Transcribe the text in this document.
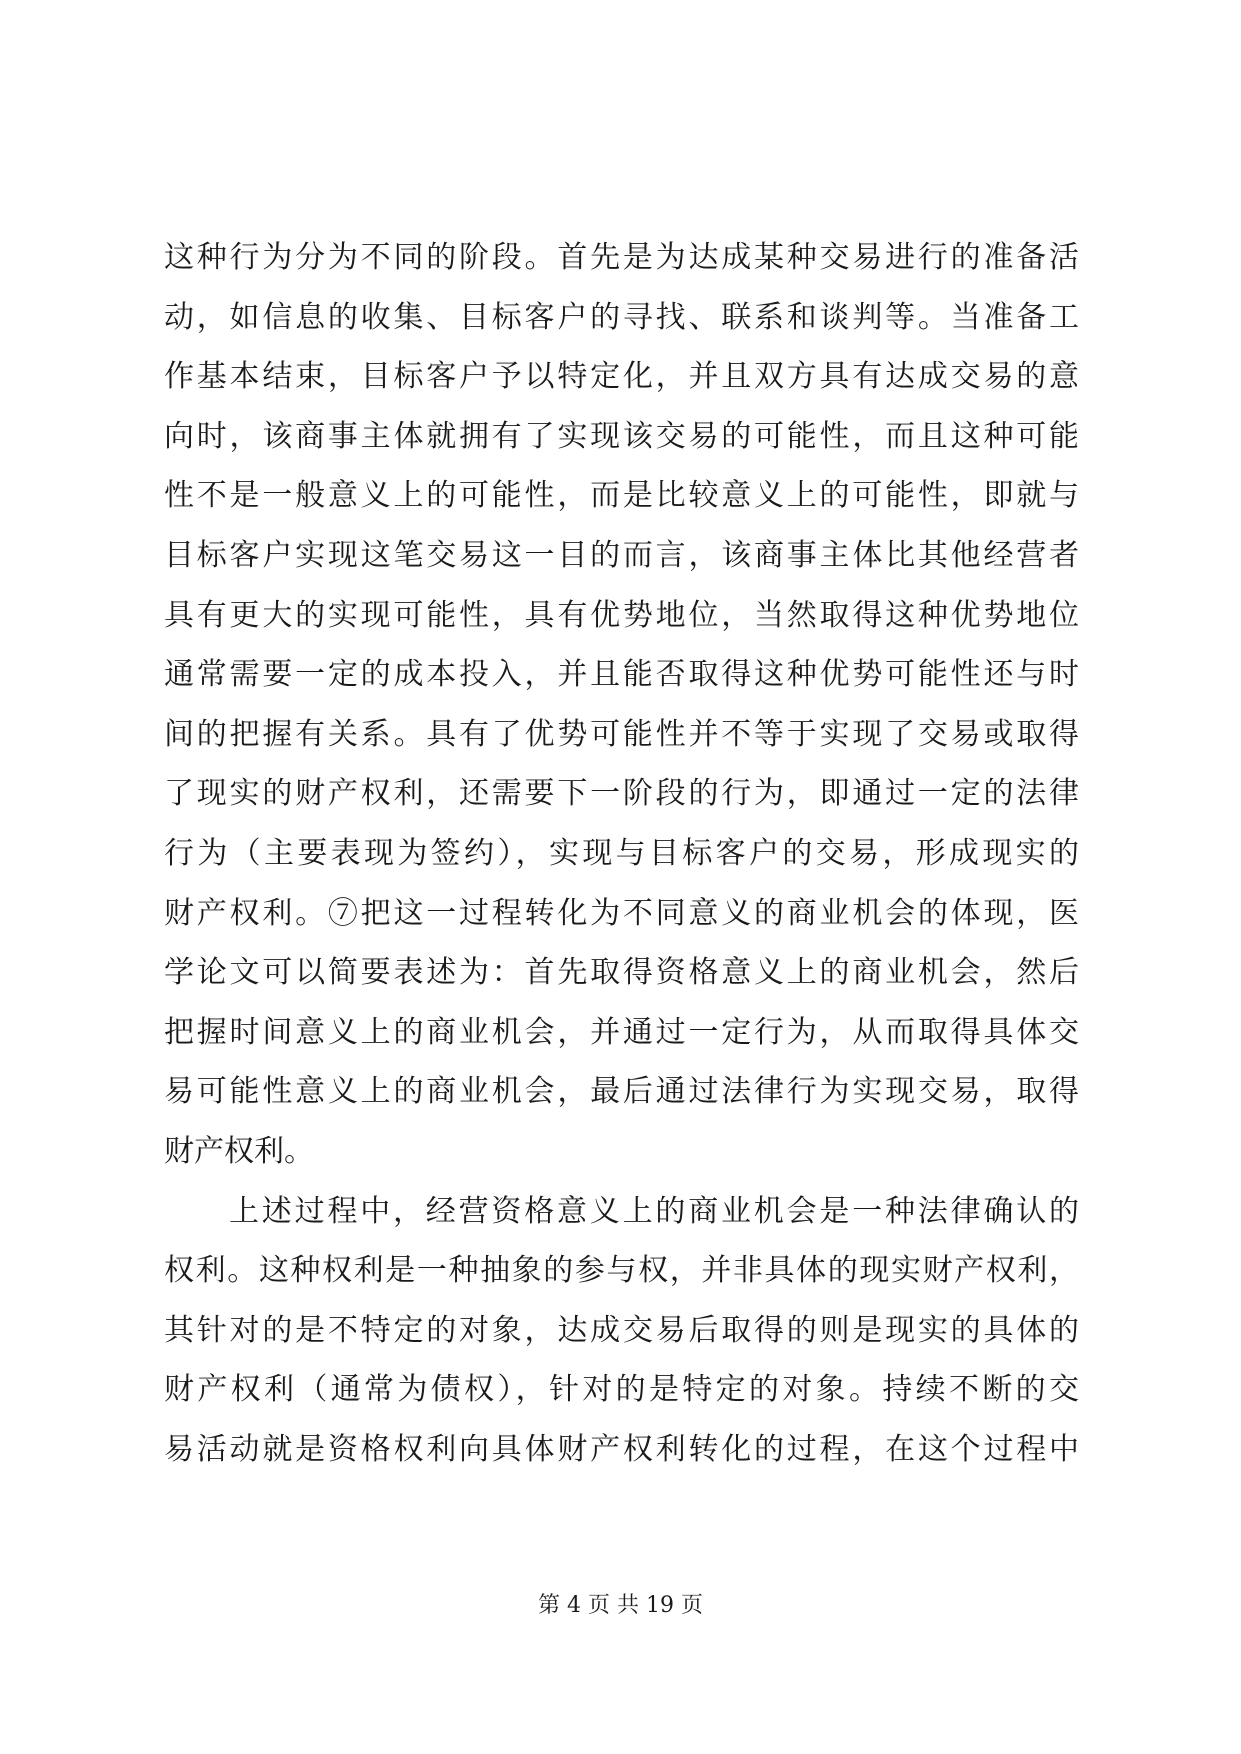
这种行为分为不同的阶段。首先是为达成某种交易进行的准备活
动，如信息的收集、目标客户的寻找、联系和谈判等。当准备工
作基本结束，目标客户予以特定化，并且双方具有达成交易的意
向时，该商事主体就拥有了实现该交易的可能性，而且这种可能
性不是一般意义上的可能性，而是比较意义上的可能性，即就与
目标客户实现这笔交易这一目的而言，该商事主体比其他经营者
具有更大的实现可能性，具有优势地位，当然取得这种优势地位
通常需要一定的成本投入，并且能否取得这种优势可能性还与时
间的把握有关系。具有了优势可能性并不等于实现了交易或取得
了现实的财产权利，还需要下一阶段的行为，即通过一定的法律
行为（主要表现为签约），实现与目标客户的交易，形成现实的
财产权利。⑦把这一过程转化为不同意义的商业机会的体现，医
学论文可以简要表述为：首先取得资格意义上的商业机会，然后
把握时间意义上的商业机会，并通过一定行为，从而取得具体交
易可能性意义上的商业机会，最后通过法律行为实现交易，取得
财产权利。
上述过程中，经营资格意义上的商业机会是一种法律确认的
权利。这种权利是一种抽象的参与权，并非具体的现实财产权利，
其针对的是不特定的对象，达成交易后取得的则是现实的具体的
财产权利（通常为债权），针对的是特定的对象。持续不断的交
易活动就是资格权利向具体财产权利转化的过程，在这个过程中
第 4 页 共 19 页
